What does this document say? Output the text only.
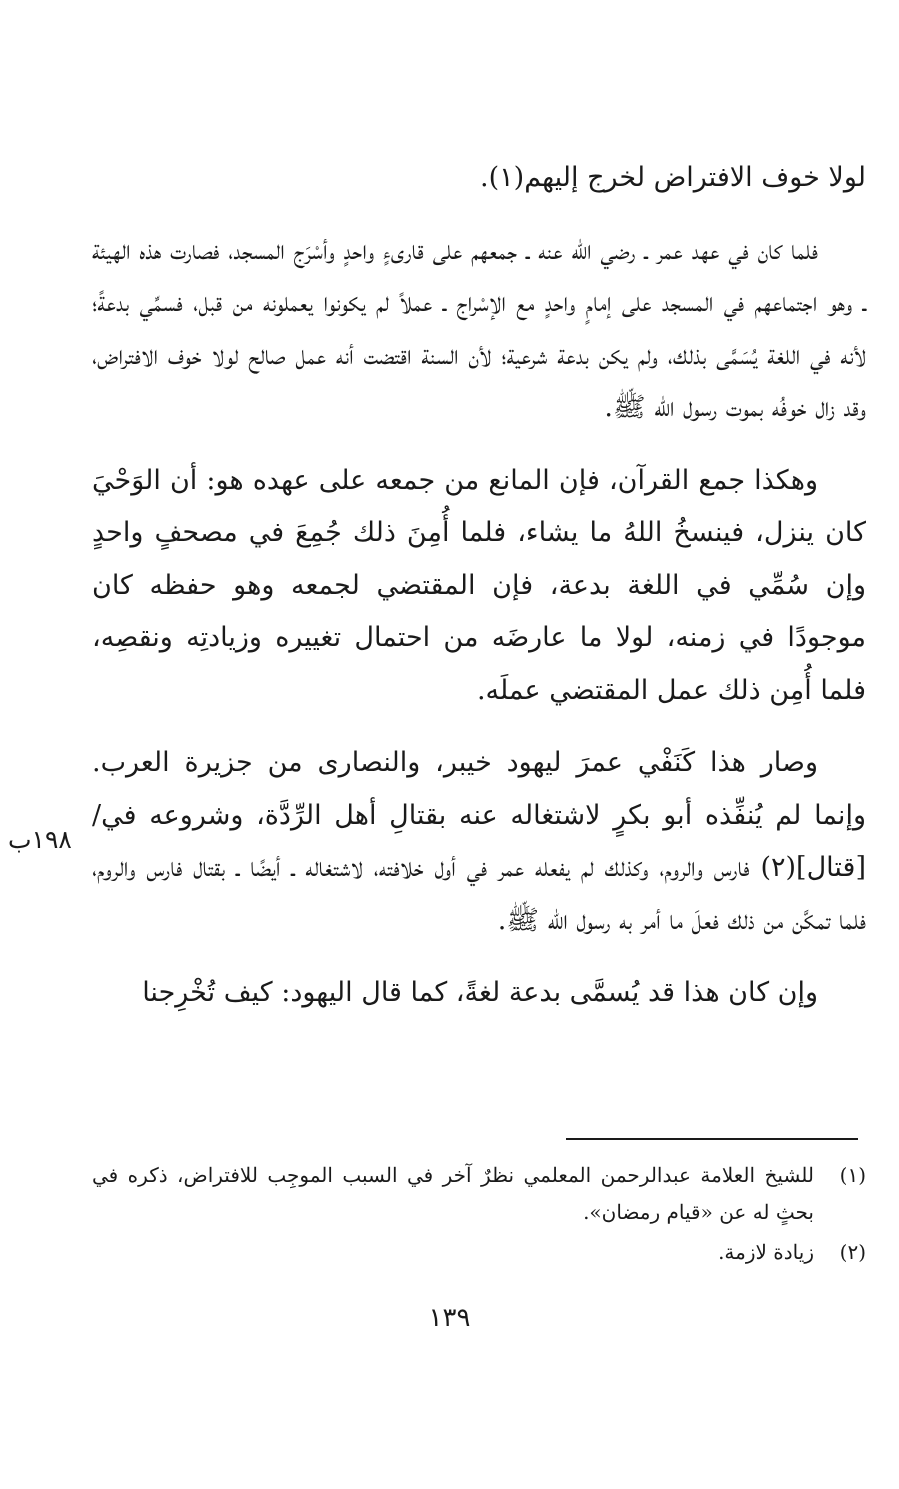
لولا خوف الافتراض لخرج إليهم(١).

فلما كان في عهد عمر ـ رضي الله عنه ـ جمعهم على قارىءٍ واحدٍ وأسْرَج المسجد، فصارت هذه الهيئة ـ وهو اجتماعهم في المسجد على إمامٍ واحدٍ مع الإسْراج ـ عملاً لم يكونوا يعملونه من قبل، فسمِّي بدعةً؛ لأنه في اللغة يُسَمَّى بذلك، ولم يكن بدعة شرعية؛ لأن السنة اقتضت أنه عمل صالح لولا خوف الافتراض، وقد زال خوفُه بموت رسول الله ﷺ.

وهكذا جمع القرآن، فإن المانع من جمعه على عهده هو: أن الوَحْيَ كان ينزل، فينسخُ اللهُ ما يشاء، فلما أُمِنَ ذلك جُمِعَ في مصحفٍ واحدٍ وإن سُمِّي في اللغة بدعة، فإن المقتضي لجمعه وهو حفظه كان موجودًا في زمنه، لولا ما عارضَه من احتمال تغييره وزيادتِه ونقصِه، فلما أُمِن ذلك عمل المقتضي عملَه.

وصار هذا كَنَفْي عمرَ ليهود خيبر، والنصارى من جزيرة العرب. وإنما لم يُنفِّذه أبو بكرٍ لاشتغاله عنه بقتالِ أهل الرِّدَّة، وشروعه في/ [قتال](٢) فارس والروم، وكذلك لم يفعله عمر في أول خلافته، لاشتغاله ـ أيضًا ـ بقتال فارس والروم، فلما تمكَّن من ذلك فعلَ ما أمر به رسول الله ﷺ.

وإن كان هذا قد يُسمَّى بدعة لغةً، كما قال اليهود: كيف تُخْرِجنا

١٩٨ب
(١)
للشيخ العلامة عبدالرحمن المعلمي نظرٌ آخر في السبب الموجِب للافتراض، ذكره في بحثٍ له عن «قيام رمضان».
(٢)
زيادة لازمة.
١٣٩
